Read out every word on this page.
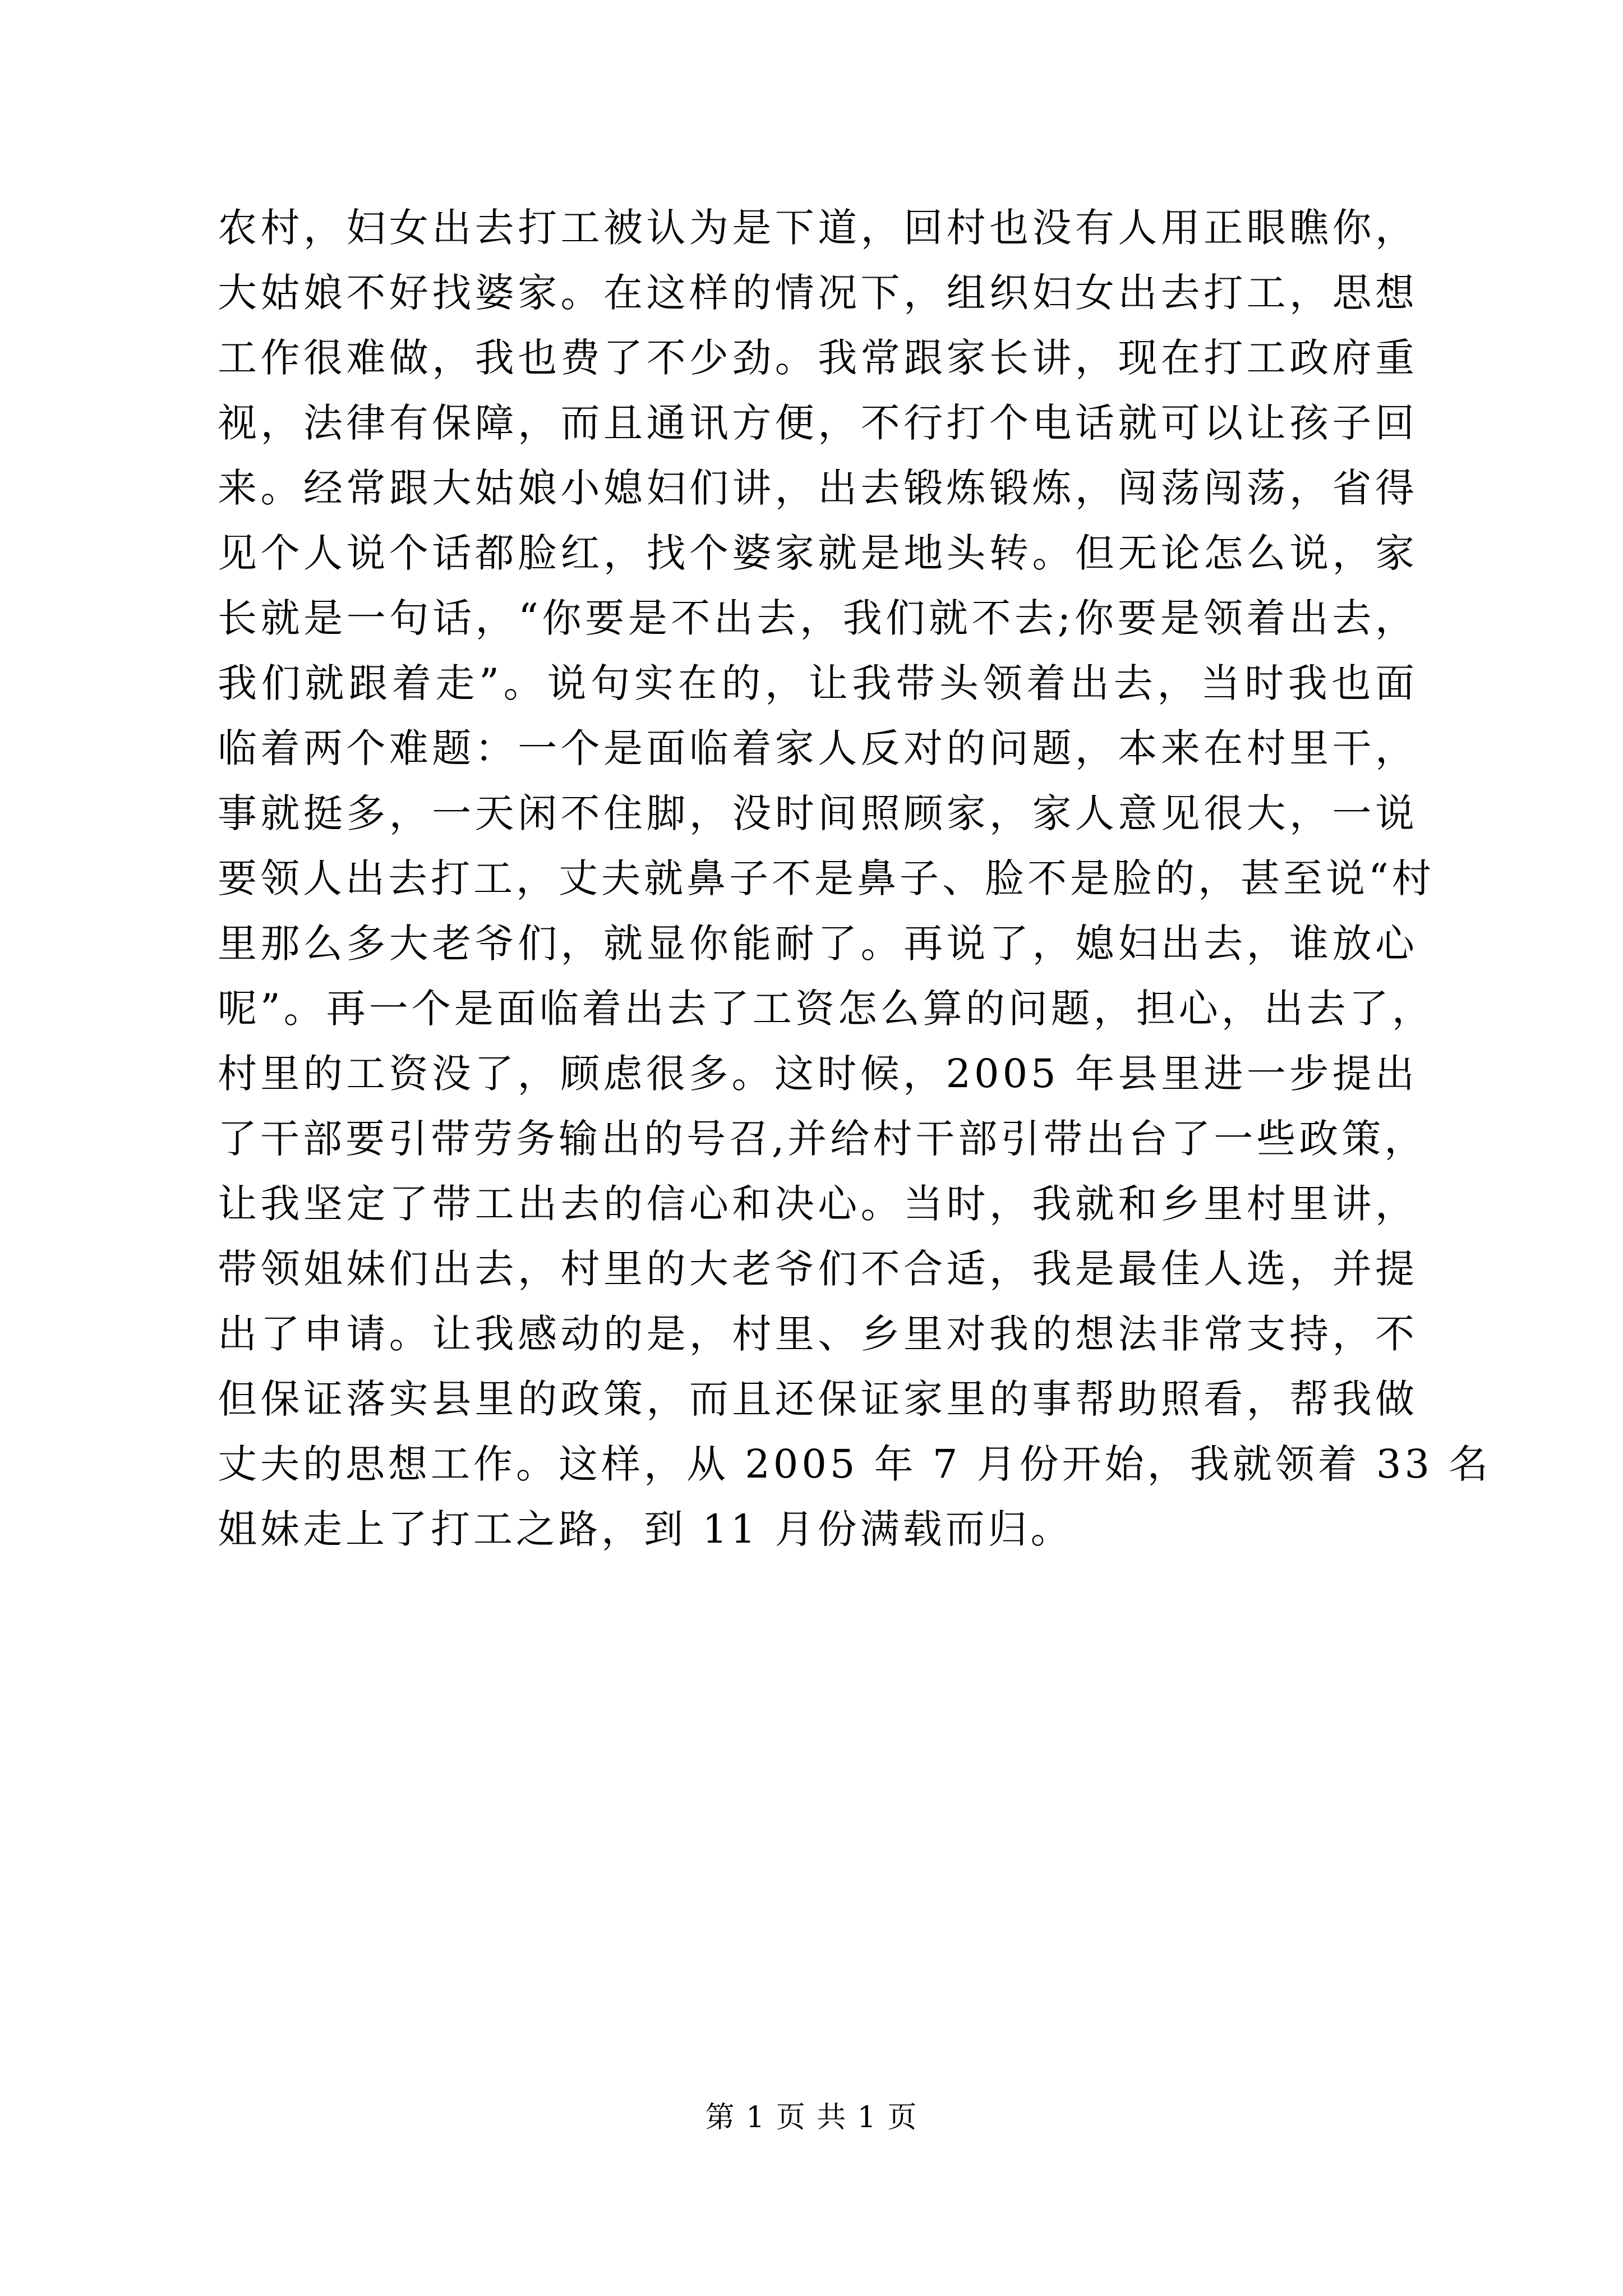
农村，妇女出去打工被认为是下道，回村也没有人用正眼瞧你，
大姑娘不好找婆家。在这样的情况下，组织妇女出去打工，思想
工作很难做，我也费了不少劲。我常跟家长讲，现在打工政府重
视，法律有保障，而且通讯方便，不行打个电话就可以让孩子回
来。经常跟大姑娘小媳妇们讲，出去锻炼锻炼，闯荡闯荡，省得
见个人说个话都脸红，找个婆家就是地头转。但无论怎么说，家
长就是一句话，“你要是不出去，我们就不去;你要是领着出去，
我们就跟着走”。说句实在的，让我带头领着出去，当时我也面
临着两个难题：一个是面临着家人反对的问题，本来在村里干，
事就挺多，一天闲不住脚，没时间照顾家，家人意见很大，一说
要领人出去打工，丈夫就鼻子不是鼻子、脸不是脸的，甚至说“村
里那么多大老爷们，就显你能耐了。再说了，媳妇出去，谁放心
呢”。再一个是面临着出去了工资怎么算的问题，担心，出去了，
村里的工资没了，顾虑很多。这时候，2005 年县里进一步提出
了干部要引带劳务输出的号召,并给村干部引带出台了一些政策，
让我坚定了带工出去的信心和决心。当时，我就和乡里村里讲，
带领姐妹们出去，村里的大老爷们不合适，我是最佳人选，并提
出了申请。让我感动的是，村里、乡里对我的想法非常支持，不
但保证落实县里的政策，而且还保证家里的事帮助照看，帮我做
丈夫的思想工作。这样，从 2005 年 7 月份开始，我就领着 33 名
姐妹走上了打工之路，到 11 月份满载而归。
第 1 页 共 1 页
